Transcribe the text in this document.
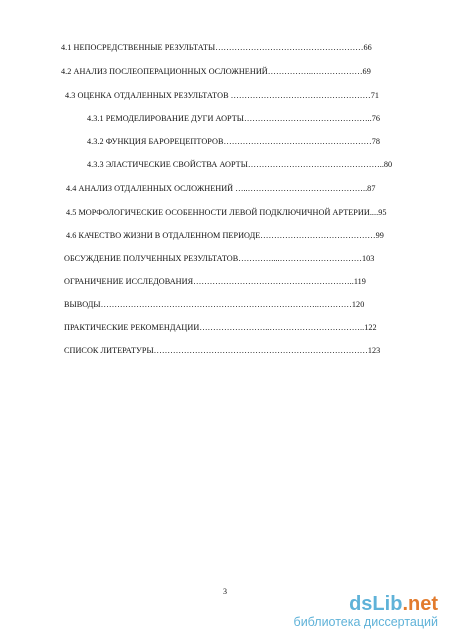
4.1 НЕПОСРЕДСТВЕННЫЕ РЕЗУЛЬТАТЫ………………………………………………66
4.2 АНАЛИЗ ПОСЛЕОПЕРАЦИОННЫХ ОСЛОЖНЕНИЙ……………..………………69
4.3 ОЦЕНКА ОТДАЛЕННЫХ РЕЗУЛЬТАТОВ ……………………………………………71
4.3.1 РЕМОДЕЛИРОВАНИЕ ДУГИ АОРТЫ………………………………………..76
4.3.2 ФУНКЦИЯ БАРОРЕЦЕПТОРОВ………………………………………………78
4.3.3 ЭЛАСТИЧЕСКИЕ СВОЙСТВА АОРТЫ…………………………………………..80
4.4 АНАЛИЗ ОТДАЛЕННЫХ ОСЛОЖНЕНИЙ …..……………………………………..87
4.5 МОРФОЛОГИЧЕСКИЕ ОСОБЕННОСТИ ЛЕВОЙ ПОДКЛЮЧИЧНОЙ АРТЕРИИ....95
4.6 КАЧЕСТВО ЖИЗНИ В ОТДАЛЕННОМ ПЕРИОДЕ……………………………………99
ОБСУЖДЕНИЕ ПОЛУЧЕННЫХ РЕЗУЛЬТАТОВ…………....…………………………103
ОГРАНИЧЕНИЕ ИССЛЕДОВАНИЯ…………………………………………………..119
ВЫВОДЫ……………………………………………………………………..…………120
ПРАКТИЧЕСКИЕ РЕКОМЕНДАЦИИ……………………..……………………………..122
СПИСОК ЛИТЕРАТУРЫ……………………………………………………………………123
3
dsLib.net
библиотека диссертаций
